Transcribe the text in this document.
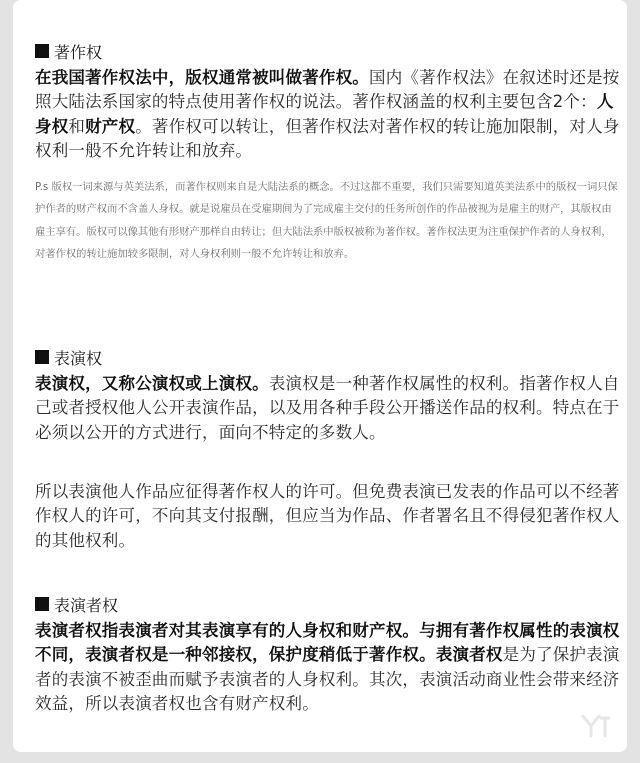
著作权

在我国著作权法中，版权通常被叫做著作权。国内《著作权法》在叙述时还是按照大陆法系国家的特点使用著作权的说法。著作权涵盖的权利主要包含2个：人身权和财产权。著作权可以转让，但著作权法对著作权的转让施加限制，对人身权利一般不允许转让和放弃。

P.s 版权一词来源与英美法系，而著作权则来自是大陆法系的概念。不过这都不重要，我们只需要知道英美法系中的版权一词只保护作者的财产权而不含盖人身权。就是说雇员在受雇期间为了完成雇主交付的任务所创作的作品被视为是雇主的财产，其版权由雇主享有。版权可以像其他有形财产那样自由转让；但大陆法系中版权被称为著作权。著作权法更为注重保护作者的人身权利，对著作权的转让施加较多限制，对人身权利则一般不允许转让和放弃。

表演权

表演权，又称公演权或上演权。表演权是一种著作权属性的权利。指著作权人自己或者授权他人公开表演作品，以及用各种手段公开播送作品的权利。特点在于必须以公开的方式进行，面向不特定的多数人。

所以表演他人作品应征得著作权人的许可。但免费表演已发表的作品可以不经著作权人的许可，不向其支付报酬，但应当为作品、作者署名且不得侵犯著作权人的其他权利。

表演者权

表演者权指表演者对其表演享有的人身权和财产权。与拥有著作权属性的表演权不同，表演者权是一种邻接权，保护度稍低于著作权。表演者权是为了保护表演者的表演不被歪曲而赋予表演者的人身权利。其次，表演活动商业性会带来经济效益，所以表演者权也含有财产权利。
